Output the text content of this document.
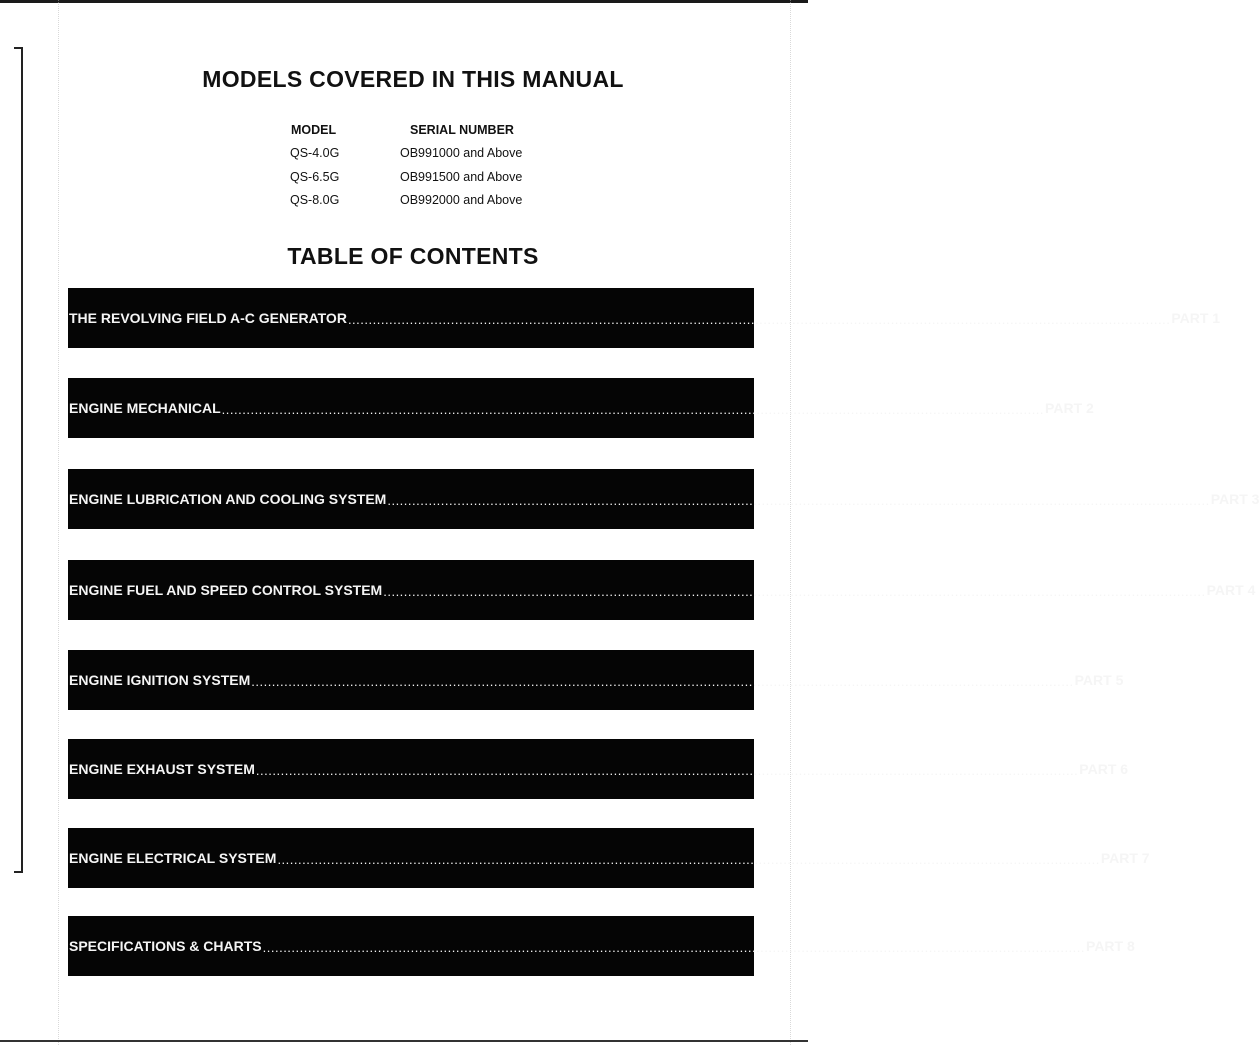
MODELS COVERED IN THIS MANUAL
MODEL	SERIAL NUMBER
QS-4.0G	OB991000 and Above
QS-6.5G	OB991500 and Above
QS-8.0G	OB992000 and Above
TABLE OF CONTENTS
THE REVOLVING FIELD A-C GENERATOR ........................................................................................................................................................................................................ PART 1
ENGINE MECHANICAL ........................................................................................................................................................................................................ PART 2
ENGINE LUBRICATION AND COOLING SYSTEM ........................................................................................................................................................................................................ PART 3
ENGINE FUEL AND SPEED CONTROL SYSTEM ........................................................................................................................................................................................................ PART 4
ENGINE IGNITION SYSTEM ........................................................................................................................................................................................................ PART 5
ENGINE EXHAUST SYSTEM ........................................................................................................................................................................................................ PART 6
ENGINE ELECTRICAL SYSTEM ........................................................................................................................................................................................................ PART 7
SPECIFICATIONS & CHARTS ........................................................................................................................................................................................................ PART 8
